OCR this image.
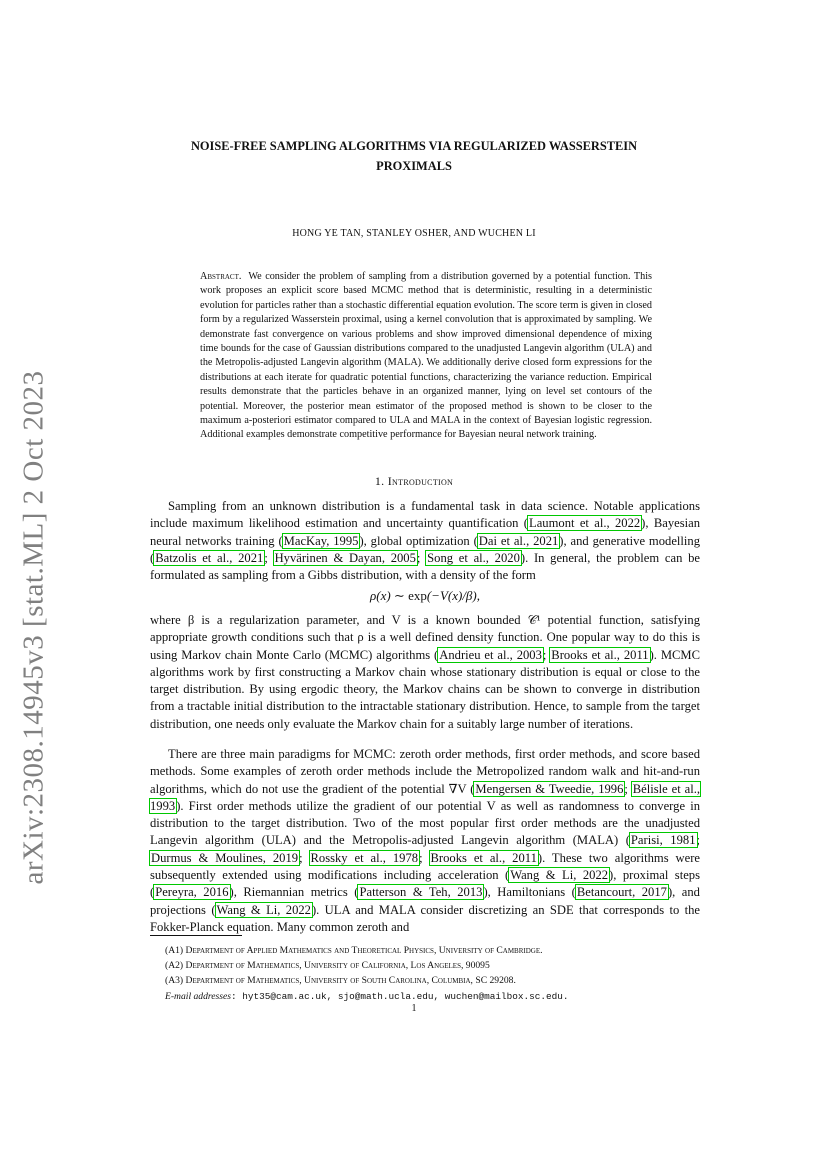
arXiv:2308.14945v3 [stat.ML] 2 Oct 2023
NOISE-FREE SAMPLING ALGORITHMS VIA REGULARIZED WASSERSTEIN
PROXIMALS
HONG YE TAN, STANLEY OSHER, AND WUCHEN LI
Abstract. We consider the problem of sampling from a distribution governed by a potential function. This work proposes an explicit score based MCMC method that is deterministic, resulting in a deterministic evolution for particles rather than a stochastic differential equation evolution. The score term is given in closed form by a regularized Wasserstein proximal, using a kernel convolution that is approximated by sampling. We demonstrate fast convergence on various problems and show improved dimensional dependence of mixing time bounds for the case of Gaussian distributions compared to the unadjusted Langevin algorithm (ULA) and the Metropolis-adjusted Langevin algorithm (MALA). We additionally derive closed form expressions for the distributions at each iterate for quadratic potential functions, characterizing the variance reduction. Empirical results demonstrate that the particles behave in an organized manner, lying on level set contours of the potential. Moreover, the posterior mean estimator of the proposed method is shown to be closer to the maximum a-posteriori estimator compared to ULA and MALA in the context of Bayesian logistic regression. Additional examples demonstrate competitive performance for Bayesian neural network training.
1. Introduction
Sampling from an unknown distribution is a fundamental task in data science. Notable applications include maximum likelihood estimation and uncertainty quantification (Laumont et al., 2022), Bayesian neural networks training (MacKay, 1995), global optimization (Dai et al., 2021), and generative modelling (Batzolis et al., 2021; Hyvärinen & Dayan, 2005; Song et al., 2020). In general, the problem can be formulated as sampling from a Gibbs distribution, with a density of the form
ρ(x) ∼ exp(−V(x)/β),
where β is a regularization parameter, and V is a known bounded 𝒞¹ potential function, satisfying appropriate growth conditions such that ρ is a well defined density function. One popular way to do this is using Markov chain Monte Carlo (MCMC) algorithms (Andrieu et al., 2003; Brooks et al., 2011). MCMC algorithms work by first constructing a Markov chain whose stationary distribution is equal or close to the target distribution. By using ergodic theory, the Markov chains can be shown to converge in distribution from a tractable initial distribution to the intractable stationary distribution. Hence, to sample from the target distribution, one needs only evaluate the Markov chain for a suitably large number of iterations.
There are three main paradigms for MCMC: zeroth order methods, first order methods, and score based methods. Some examples of zeroth order methods include the Metropolized random walk and hit-and-run algorithms, which do not use the gradient of the potential ∇V (Mengersen & Tweedie, 1996; Bélisle et al., 1993). First order methods utilize the gradient of our potential V as well as randomness to converge in distribution to the target distribution. Two of the most popular first order methods are the unadjusted Langevin algorithm (ULA) and the Metropolis-adjusted Langevin algorithm (MALA) (Parisi, 1981; Durmus & Moulines, 2019; Rossky et al., 1978; Brooks et al., 2011). These two algorithms were subsequently extended using modifications including acceleration (Wang & Li, 2022), proximal steps (Pereyra, 2016), Riemannian metrics (Patterson & Teh, 2013), Hamiltonians (Betancourt, 2017), and projections (Wang & Li, 2022). ULA and MALA consider discretizing an SDE that corresponds to the Fokker-Planck equation. Many common zeroth and
(A1) Department of Applied Mathematics and Theoretical Physics, University of Cambridge.
(A2) Department of Mathematics, University of California, Los Angeles, 90095
(A3) Department of Mathematics, University of South Carolina, Columbia, SC 29208.
E-mail addresses: hyt35@cam.ac.uk, sjo@math.ucla.edu, wuchen@mailbox.sc.edu.
1
